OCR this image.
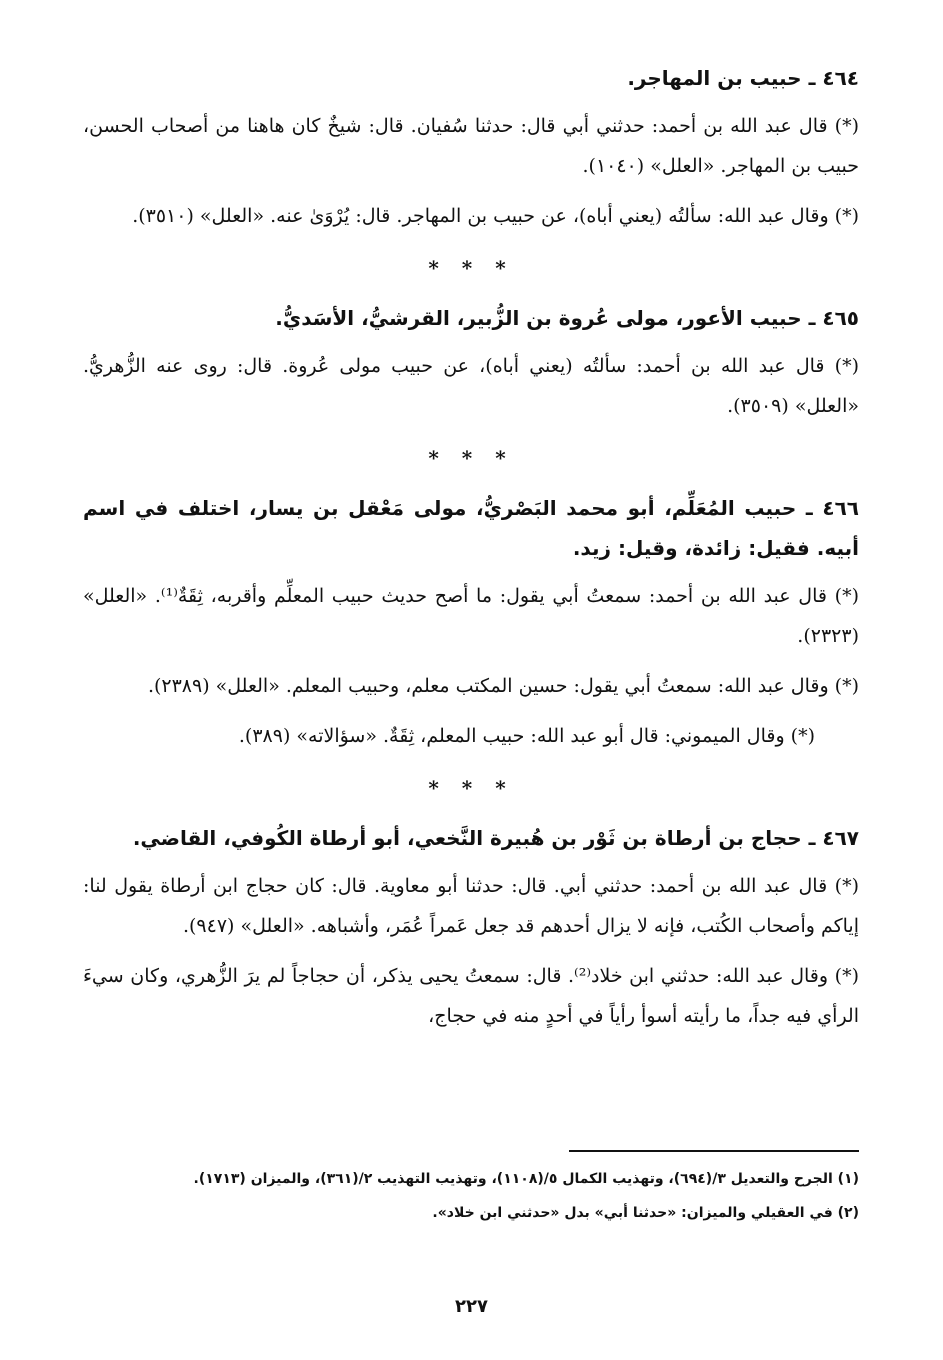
٤٦٤ ـ حبيب بن المهاجر.

(*) قال عبد الله بن أحمد: حدثني أبي قال: حدثنا سُفيان. قال: شيخٌ كان هاهنا من أصحاب الحسن، حبيب بن المهاجر. «العلل» (١٠٤٠).

(*) وقال عبد الله: سألتُه (يعني أباه)، عن حبيب بن المهاجر. قال: يُرْوَىٰ عنه. «العلل» (٣٥١٠).

* * *
٤٦٥ ـ حبيب الأعور، مولى عُروة بن الزُّبير، القرشيُّ، الأسَديُّ.

(*) قال عبد الله بن أحمد: سألتُه (يعني أباه)، عن حبيب مولى عُروة. قال: روى عنه الزُّهريُّ. «العلل» (٣٥٠٩).

* * *
٤٦٦ ـ حبيب المُعَلِّم، أبو محمد البَصْريُّ، مولى مَعْقل بن يسار، اختلف في اسم أبيه. فقيل: زائدة، وقيل: زيد.

(*) قال عبد الله بن أحمد: سمعتُ أبي يقول: ما أصح حديث حبيب المعلِّم وأقربه، ثِقَةٌ⁽¹⁾. «العلل» (٢٣٢٣).

(*) وقال عبد الله: سمعتُ أبي يقول: حسين المكتب معلم، وحبيب المعلم. «العلل» (٢٣٨٩).

(*) وقال الميموني: قال أبو عبد الله: حبيب المعلم، ثِقَةٌ. «سؤالاته» (٣٨٩).

* * *
٤٦٧ ـ حجاج بن أرطاة بن ثَوْر بن هُبيرة النَّخعي، أبو أرطاة الكُوفي، القاضي.

(*) قال عبد الله بن أحمد: حدثني أبي. قال: حدثنا أبو معاوية. قال: كان حجاج ابن أرطاة يقول لنا: إياكم وأصحاب الكُتب، فإنه لا يزال أحدهم قد جعل عَمراً عُمَر، وأشباهه. «العلل» (٩٤٧).

(*) وقال عبد الله: حدثني ابن خلاد⁽²⁾. قال: سمعتُ يحيى يذكر، أن حجاجاً لم يرَ الزُّهري، وكان سيءَ الرأي فيه جداً، ما رأيته أسوأ رأياً في أحدٍ منه في حجاج،

(١) الجرح والتعديل ٣/(٦٩٤)، وتهذيب الكمال ٥/(١١٠٨)، وتهذيب التهذيب ٢/(٣٦١)، والميزان (١٧١٣).

(٢) في العقيلي والميزان: «حدثنا أبي» بدل «حدثني ابن خلاد».

٢٢٧
